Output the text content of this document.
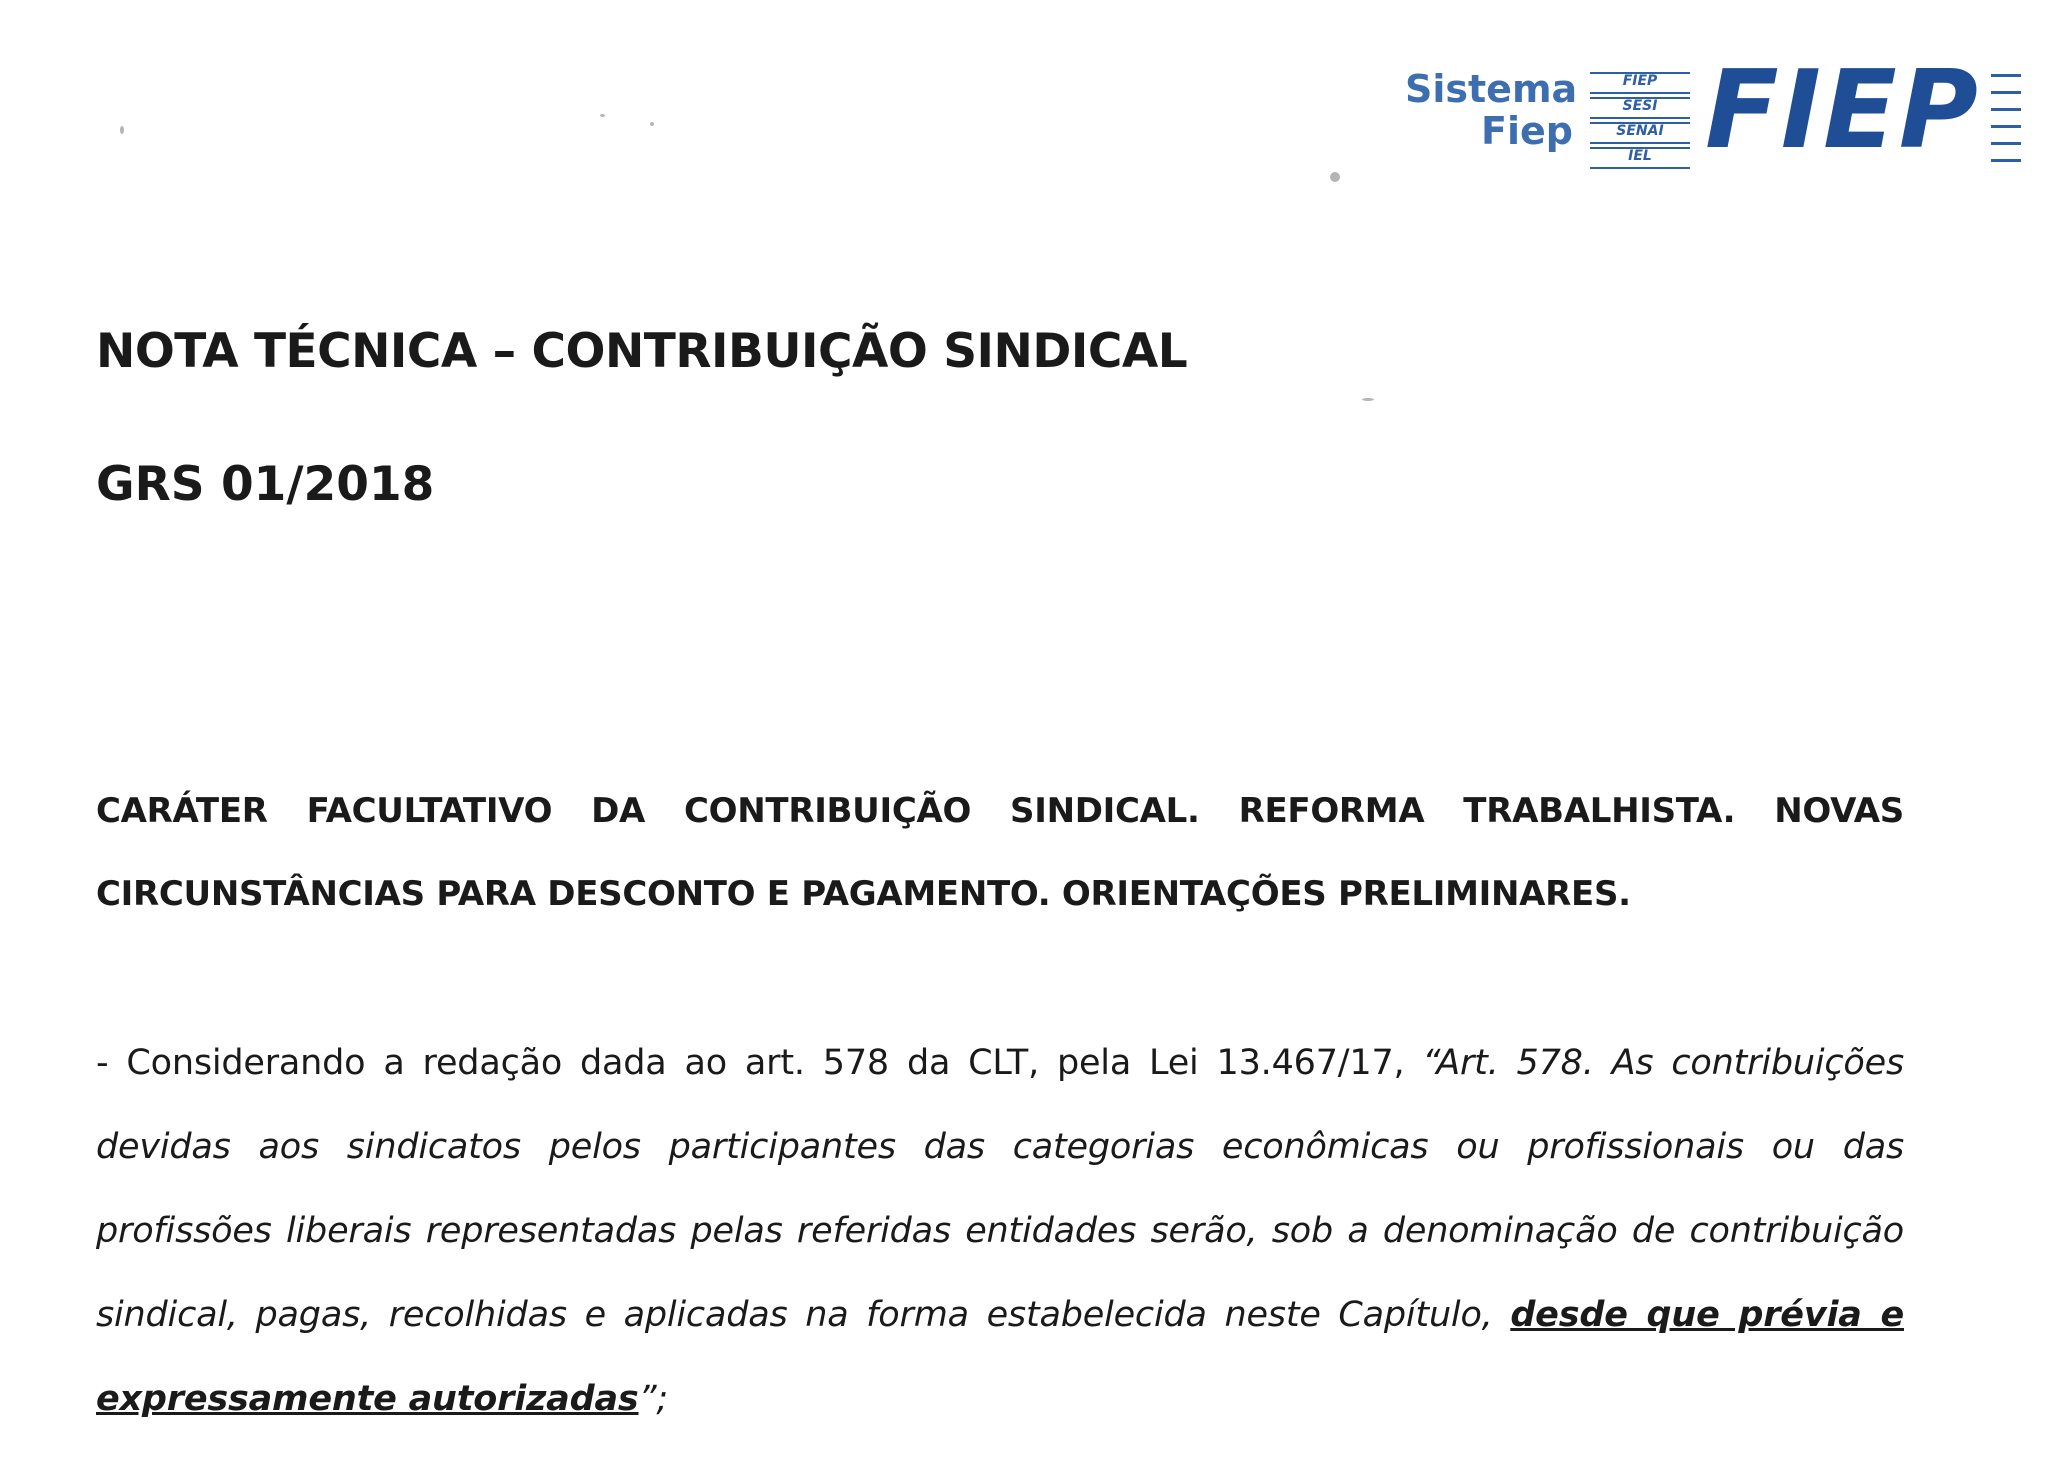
Sistema
Fiep
FIEP
SESI
SENAI
IEL FIEP
NOTA TÉCNICA – CONTRIBUIÇÃO SINDICAL
GRS 01/2018

CARÁTER FACULTATIVO DA CONTRIBUIÇÃO SINDICAL. REFORMA TRABALHISTA. NOVAS CIRCUNSTÂNCIAS PARA DESCONTO E PAGAMENTO. ORIENTAÇÕES PRELIMINARES.

- Considerando a redação dada ao art. 578 da CLT, pela Lei 13.467/17, “Art. 578. As contribuições devidas aos sindicatos pelos participantes das categorias econômicas ou profissionais ou das profissões liberais representadas pelas referidas entidades serão, sob a denominação de contribuição sindical, pagas, recolhidas e aplicadas na forma estabelecida neste Capítulo, desde que prévia e expressamente autorizadas”;
